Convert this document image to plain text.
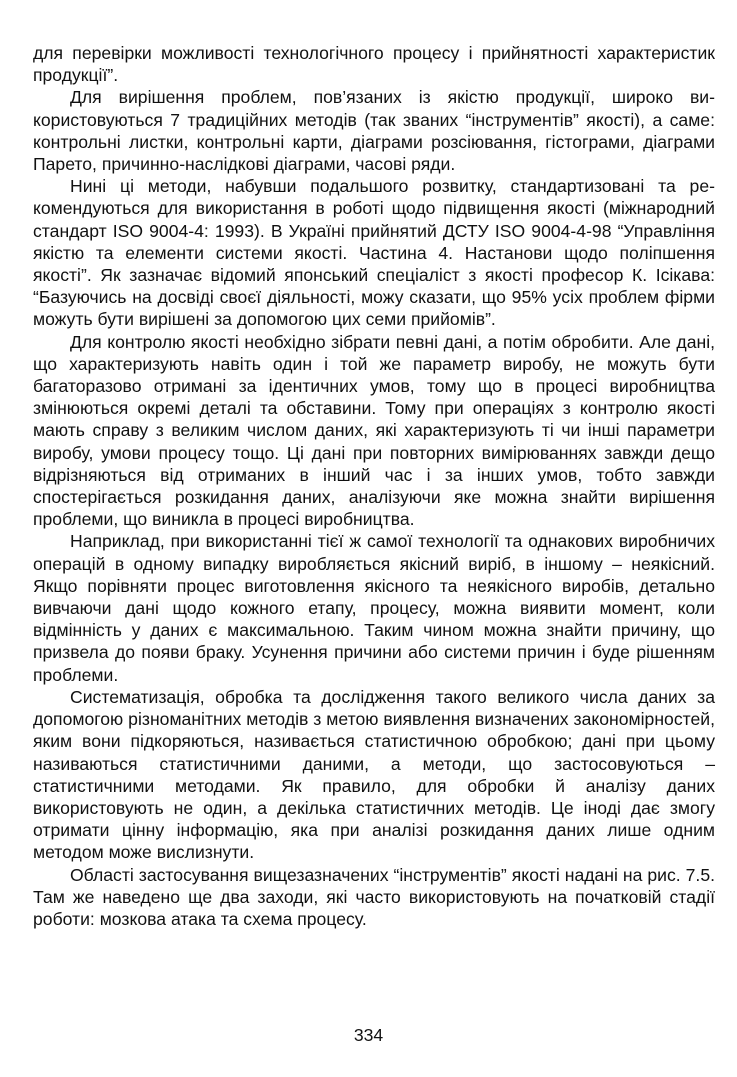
для перевірки можливості технологічного процесу і прийнятності характеристик продукції”.

Для вирішення проблем, пов’язаних із якістю продукції, широко використовуються 7 традиційних методів (так званих “інструментів” якості), а саме: контрольні листки, контрольні карти, діаграми розсіювання, гістограми, діаграми Парето, причинно-наслідкові діаграми, часові ряди.

Нині ці методи, набувши подальшого розвитку, стандартизовані та рекомендуються для використання в роботі щодо підвищення якості (міжнародний стандарт ISO 9004-4: 1993). В Україні прийнятий ДСТУ ISO 9004-4-98 “Управління якістю та елементи системи якості. Частина 4. Настанови щодо поліпшення якості”. Як зазначає відомий японський спеціаліст з якості професор К. Ісікава: “Базуючись на досвіді своєї діяльності, можу сказати, що 95% усіх проблем фірми можуть бути вирішені за допомогою цих семи прийомів”.

Для контролю якості необхідно зібрати певні дані, а потім обробити. Але дані, що характеризують навіть один і той же параметр виробу, не можуть бути багаторазово отримані за ідентичних умов, тому що в процесі виробництва змінюються окремі деталі та обставини. Тому при операціях з контролю якості мають справу з великим числом даних, які характеризують ті чи інші параметри виробу, умови процесу тощо. Ці дані при повторних вимірюваннях завжди дещо відрізняються від отриманих в інший час і за інших умов, тобто завжди спостерігається розкидання даних, аналізуючи яке можна знайти вирішення проблеми, що виникла в процесі виробництва.

Наприклад, при використанні тієї ж самої технології та однакових виробничих операцій в одному випадку виробляється якісний виріб, в іншому – неякісний. Якщо порівняти процес виготовлення якісного та неякісного виробів, детально вивчаючи дані щодо кожного етапу, процесу, можна виявити момент, коли відмінність у даних є максимальною. Таким чином можна знайти причину, що призвела до появи браку. Усунення причини або системи причин і буде рішенням проблеми.

Систематизація, обробка та дослідження такого великого числа даних за допомогою різноманітних методів з метою виявлення визначених закономірностей, яким вони підкоряються, називається статистичною обробкою; дані при цьому називаються статистичними даними, а методи, що застосовуються – статистичними методами. Як правило, для обробки й аналізу даних використовують не один, а декілька статистичних методів. Це іноді дає змогу отримати цінну інформацію, яка при аналізі розкидання даних лише одним методом може вислизнути.

Області застосування вищезазначених “інструментів” якості надані на рис. 7.5. Там же наведено ще два заходи, які часто використовують на початковій стадії роботи: мозкова атака та схема процесу.

334
